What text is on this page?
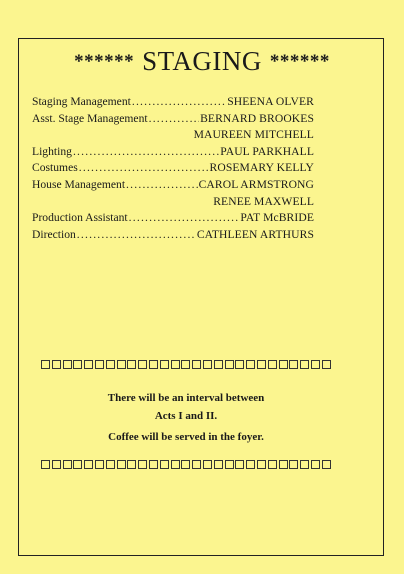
****** STAGING ******
Staging Management .....	SHEENA OLVER
Asst. Stage Management .....	BERNARD BROOKES
MAUREEN MITCHELL
Lighting .....	PAUL PARKHALL
Costumes .....	ROSEMARY KELLY
House Management .....	CAROL ARMSTRONG
RENEE MAXWELL
Production Assistant .....	PAT McBRIDE
Direction .....	CATHLEEN ARTHURS
There will be an interval between
Acts I and II.
Coffee will be served in the foyer.
